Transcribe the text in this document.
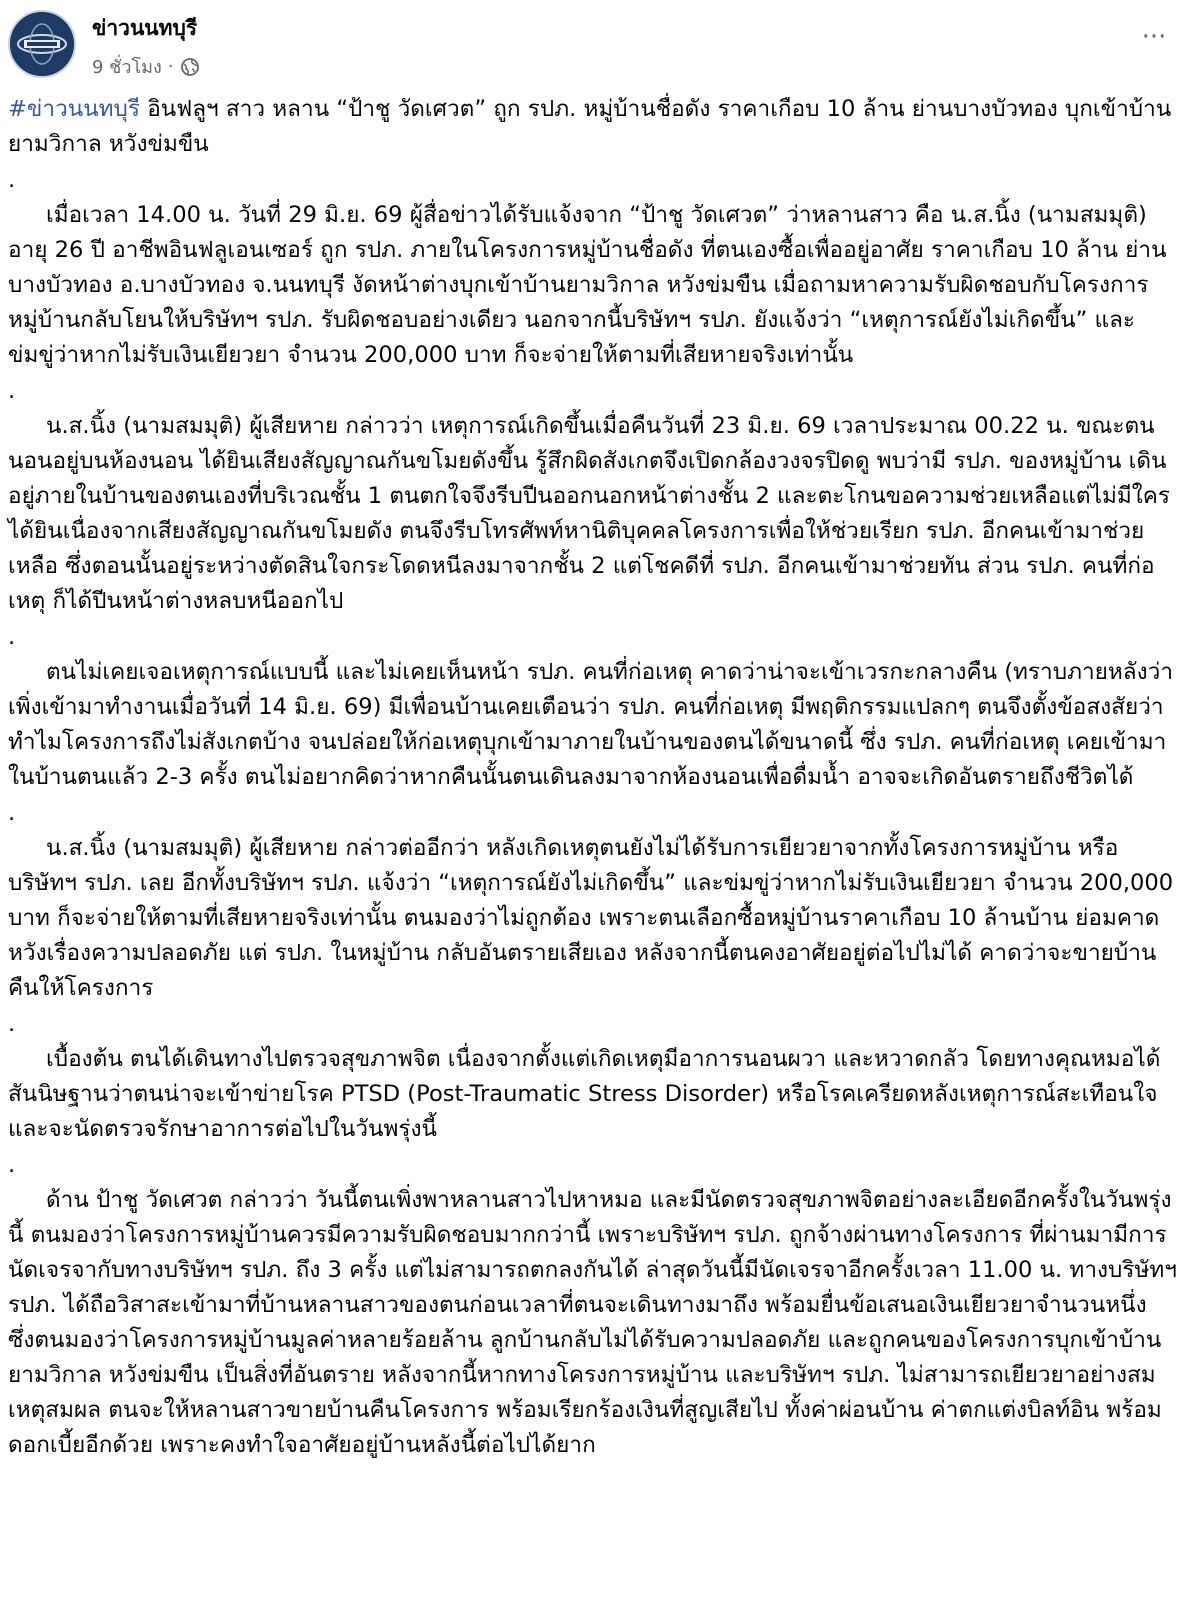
ข่าวนนทบุรี
9 ชั่วโมง ·
···

#ข่าวนนทบุรี อินฟลูฯ สาว หลาน “ป้าชู วัดเศวต” ถูก รปภ. หมู่บ้านชื่อดัง ราคาเกือบ 10 ล้าน ย่านบางบัวทอง บุกเข้าบ้านยามวิกาล หวังข่มขืน

.

เมื่อเวลา 14.00 น. วันที่ 29 มิ.ย. 69 ผู้สื่อข่าวได้รับแจ้งจาก “ป้าชู วัดเศวต” ว่าหลานสาว คือ น.ส.นิ้ง (นามสมมุติ) อายุ 26 ปี อาชีพอินฟลูเอนเซอร์ ถูก รปภ. ภายในโครงการหมู่บ้านชื่อดัง ที่ตนเองซื้อเพื่ออยู่อาศัย ราคาเกือบ 10 ล้าน ย่านบางบัวทอง อ.บางบัวทอง จ.นนทบุรี งัดหน้าต่างบุกเข้าบ้านยามวิกาล หวังข่มขืน เมื่อถามหาความรับผิดชอบกับโครงการหมู่บ้านกลับโยนให้บริษัทฯ รปภ. รับผิดชอบอย่างเดียว นอกจากนี้บริษัทฯ รปภ. ยังแจ้งว่า “เหตุการณ์ยังไม่เกิดขึ้น” และข่มขู่ว่าหากไม่รับเงินเยียวยา จำนวน 200,000 บาท ก็จะจ่ายให้ตามที่เสียหายจริงเท่านั้น

.

น.ส.นิ้ง (นามสมมุติ) ผู้เสียหาย กล่าวว่า เหตุการณ์เกิดขึ้นเมื่อคืนวันที่ 23 มิ.ย. 69 เวลาประมาณ 00.22 น. ขณะตนนอนอยู่บนห้องนอน ได้ยินเสียงสัญญาณกันขโมยดังขึ้น รู้สึกผิดสังเกตจึงเปิดกล้องวงจรปิดดู พบว่ามี รปภ. ของหมู่บ้าน เดินอยู่ภายในบ้านของตนเองที่บริเวณชั้น 1 ตนตกใจจึงรีบปีนออกนอกหน้าต่างชั้น 2 และตะโกนขอความช่วยเหลือแต่ไม่มีใครได้ยินเนื่องจากเสียงสัญญาณกันขโมยดัง ตนจึงรีบโทรศัพท์หานิติบุคคลโครงการเพื่อให้ช่วยเรียก รปภ. อีกคนเข้ามาช่วยเหลือ ซึ่งตอนนั้นอยู่ระหว่างตัดสินใจกระโดดหนีลงมาจากชั้น 2 แต่โชคดีที่ รปภ. อีกคนเข้ามาช่วยทัน ส่วน รปภ. คนที่ก่อเหตุ ก็ได้ปีนหน้าต่างหลบหนีออกไป

.

ตนไม่เคยเจอเหตุการณ์แบบนี้ และไม่เคยเห็นหน้า รปภ. คนที่ก่อเหตุ คาดว่าน่าจะเข้าเวรกะกลางคืน (ทราบภายหลังว่าเพิ่งเข้ามาทำงานเมื่อวันที่ 14 มิ.ย. 69) มีเพื่อนบ้านเคยเตือนว่า รปภ. คนที่ก่อเหตุ มีพฤติกรรมแปลกๆ ตนจึงตั้งข้อสงสัยว่าทำไมโครงการถึงไม่สังเกตบ้าง จนปล่อยให้ก่อเหตุบุกเข้ามาภายในบ้านของตนได้ขนาดนี้ ซึ่ง รปภ. คนที่ก่อเหตุ เคยเข้ามาในบ้านตนแล้ว 2-3 ครั้ง ตนไม่อยากคิดว่าหากคืนนั้นตนเดินลงมาจากห้องนอนเพื่อดื่มน้ำ อาจจะเกิดอันตรายถึงชีวิตได้

.

น.ส.นิ้ง (นามสมมุติ) ผู้เสียหาย กล่าวต่ออีกว่า หลังเกิดเหตุตนยังไม่ได้รับการเยียวยาจากทั้งโครงการหมู่บ้าน หรือบริษัทฯ รปภ. เลย อีกทั้งบริษัทฯ รปภ. แจ้งว่า “เหตุการณ์ยังไม่เกิดขึ้น” และข่มขู่ว่าหากไม่รับเงินเยียวยา จำนวน 200,000 บาท ก็จะจ่ายให้ตามที่เสียหายจริงเท่านั้น ตนมองว่าไม่ถูกต้อง เพราะตนเลือกซื้อหมู่บ้านราคาเกือบ 10 ล้านบ้าน ย่อมคาดหวังเรื่องความปลอดภัย แต่ รปภ. ในหมู่บ้าน กลับอันตรายเสียเอง หลังจากนี้ตนคงอาศัยอยู่ต่อไปไม่ได้ คาดว่าจะขายบ้านคืนให้โครงการ

.

เบื้องต้น ตนได้เดินทางไปตรวจสุขภาพจิต เนื่องจากตั้งแต่เกิดเหตุมีอาการนอนผวา และหวาดกลัว โดยทางคุณหมอได้สันนิษฐานว่าตนน่าจะเข้าข่ายโรค PTSD (Post-Traumatic Stress Disorder) หรือโรคเครียดหลังเหตุการณ์สะเทือนใจ และจะนัดตรวจรักษาอาการต่อไปในวันพรุ่งนี้

.

ด้าน ป้าชู วัดเศวต กล่าวว่า วันนี้ตนเพิ่งพาหลานสาวไปหาหมอ และมีนัดตรวจสุขภาพจิตอย่างละเอียดอีกครั้งในวันพรุ่งนี้ ตนมองว่าโครงการหมู่บ้านควรมีความรับผิดชอบมากกว่านี้ เพราะบริษัทฯ รปภ. ถูกจ้างผ่านทางโครงการ ที่ผ่านมามีการนัดเจรจากับทางบริษัทฯ รปภ. ถึง 3 ครั้ง แต่ไม่สามารถตกลงกันได้ ล่าสุดวันนี้มีนัดเจรจาอีกครั้งเวลา 11.00 น. ทางบริษัทฯ รปภ. ได้ถือวิสาสะเข้ามาที่บ้านหลานสาวของตนก่อนเวลาที่ตนจะเดินทางมาถึง พร้อมยื่นข้อเสนอเงินเยียวยาจำนวนหนึ่ง ซึ่งตนมองว่าโครงการหมู่บ้านมูลค่าหลายร้อยล้าน ลูกบ้านกลับไม่ได้รับความปลอดภัย และถูกคนของโครงการบุกเข้าบ้านยามวิกาล หวังข่มขืน เป็นสิ่งที่อันตราย หลังจากนี้หากทางโครงการหมู่บ้าน และบริษัทฯ รปภ. ไม่สามารถเยียวยาอย่างสมเหตุสมผล ตนจะให้หลานสาวขายบ้านคืนโครงการ พร้อมเรียกร้องเงินที่สูญเสียไป ทั้งค่าผ่อนบ้าน ค่าตกแต่งบิลท์อิน พร้อมดอกเบี้ยอีกด้วย เพราะคงทำใจอาศัยอยู่บ้านหลังนี้ต่อไปได้ยาก
